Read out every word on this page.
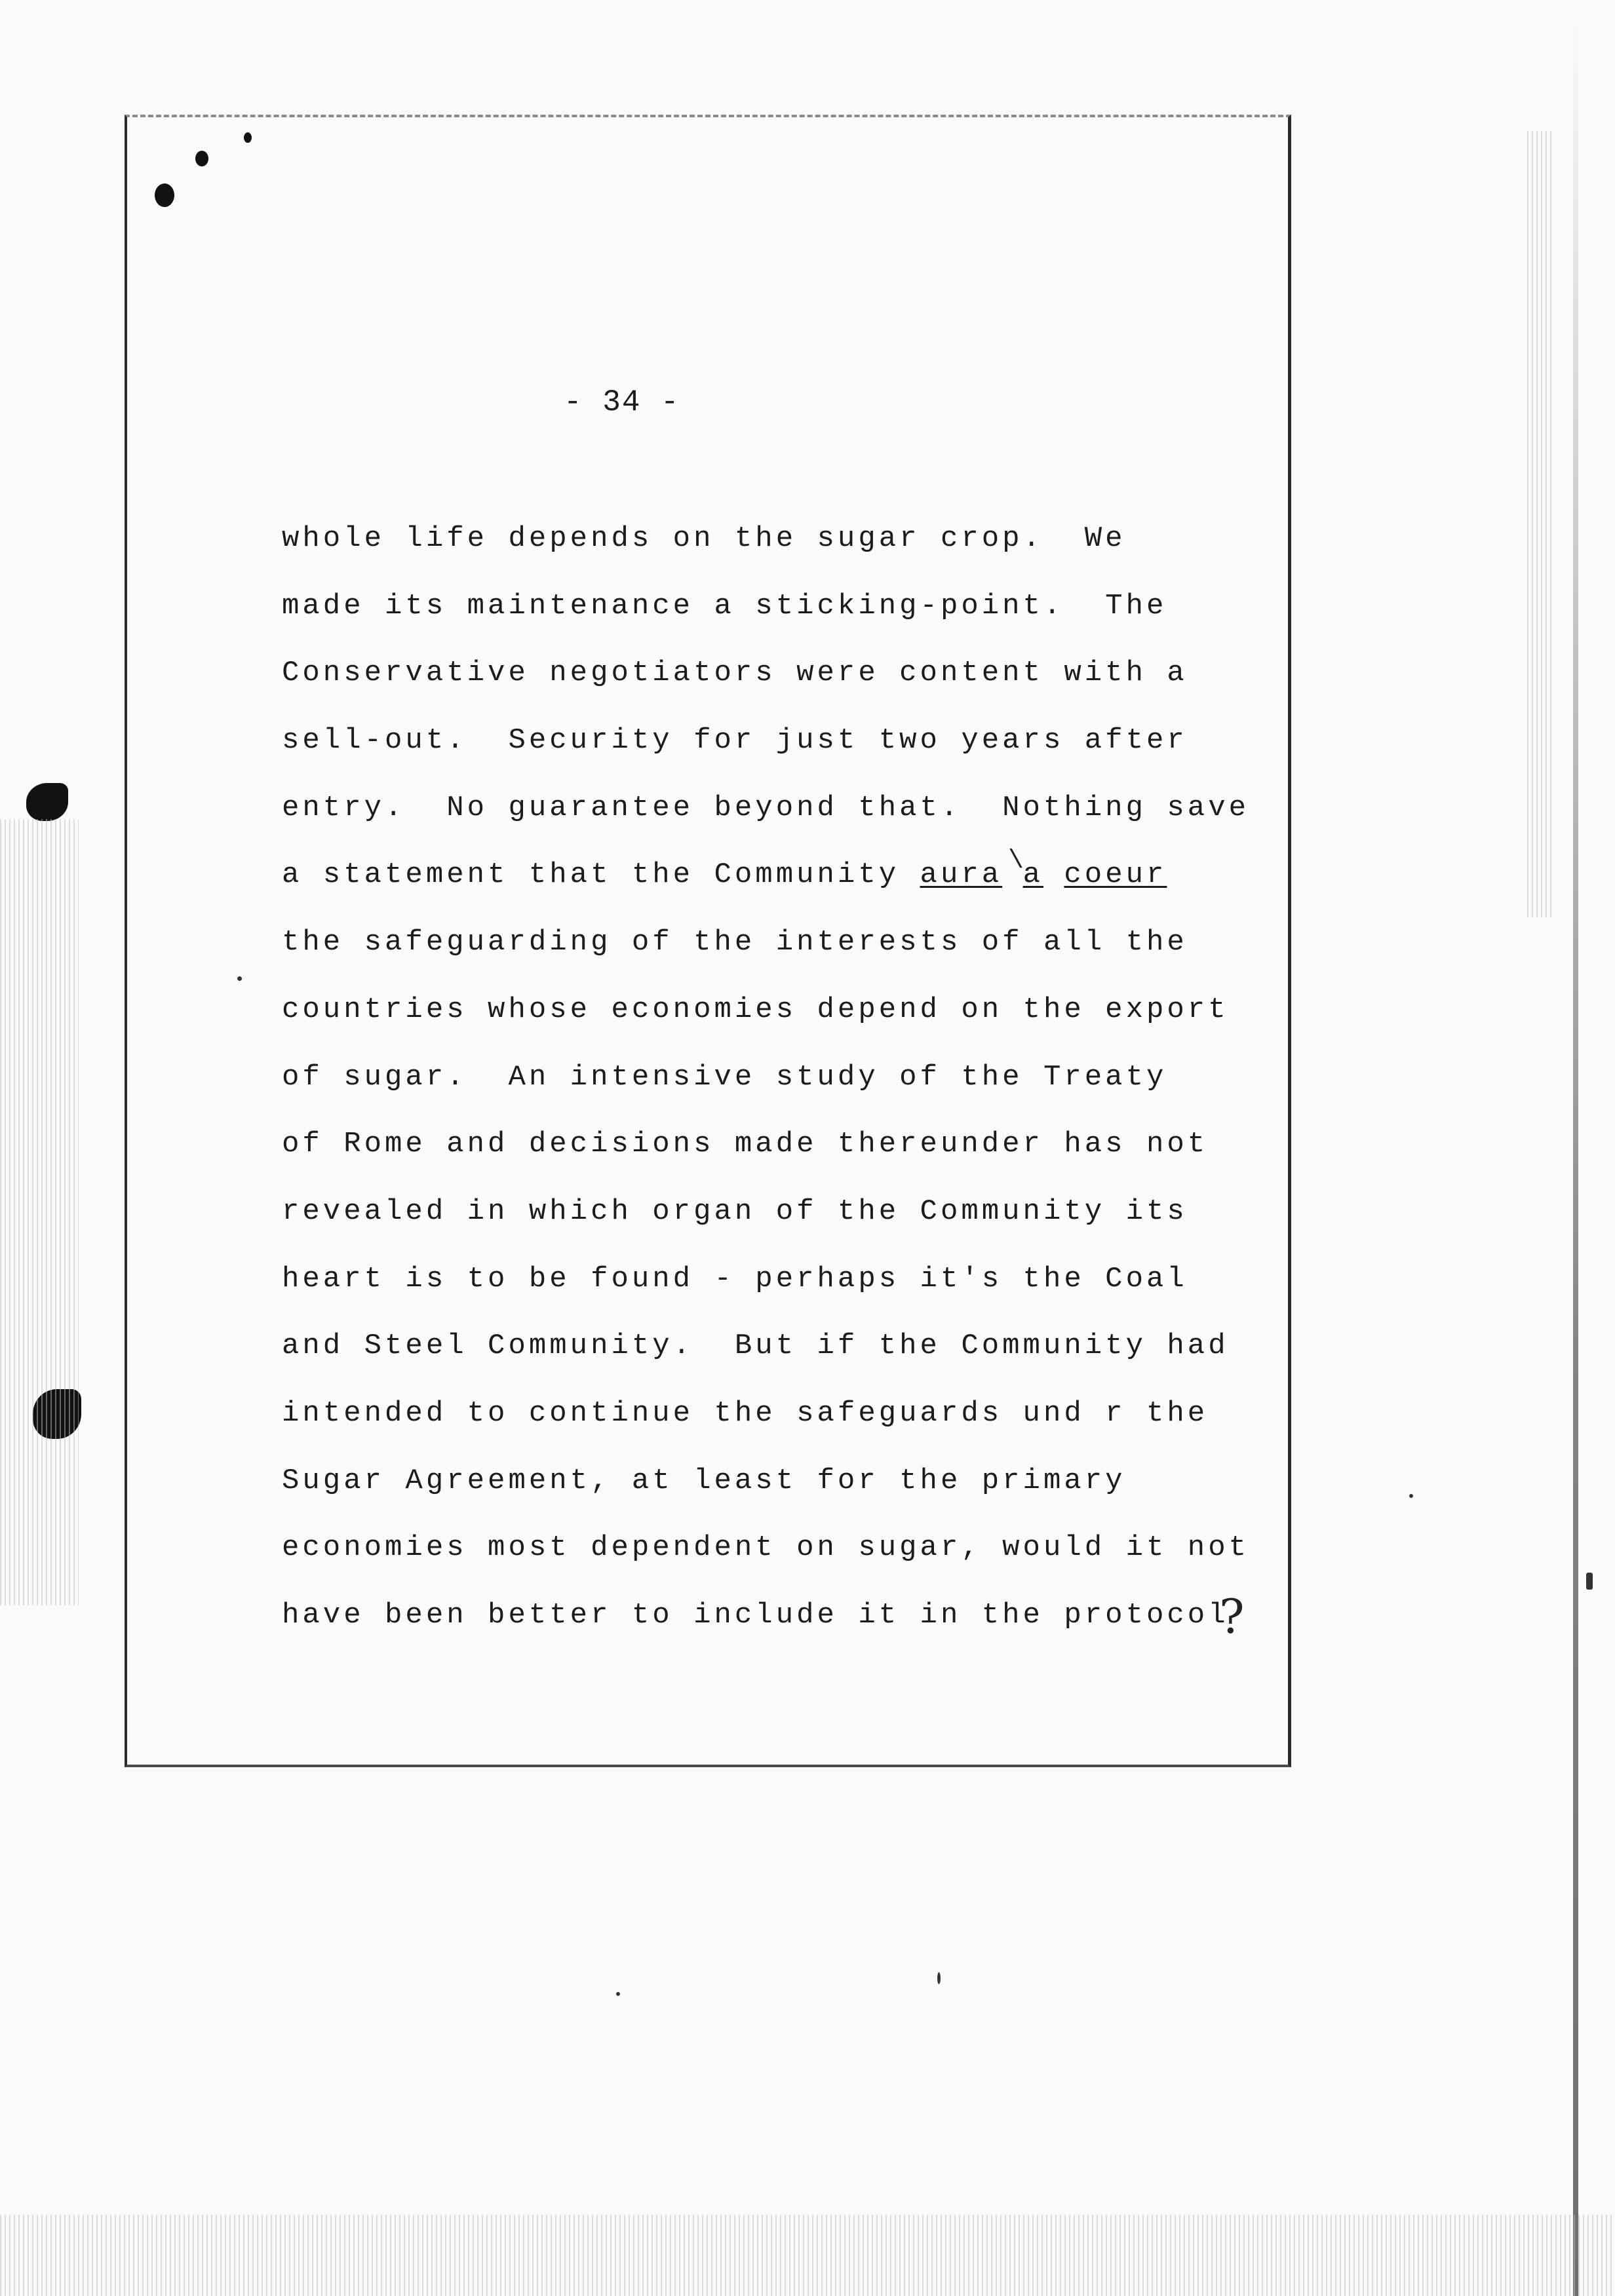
- 34 -
\
whole life depends on the sugar crop.  We
made its maintenance a sticking-point.  The
Conservative negotiators were content with a
sell-out.  Security for just two years after
entry.  No guarantee beyond that.  Nothing save
a statement that the Community aura a coeur
the safeguarding of the interests of all the
countries whose economies depend on the export
of sugar.  An intensive study of the Treaty
of Rome and decisions made thereunder has not
revealed in which organ of the Community its
heart is to be found - perhaps it's the Coal
and Steel Community.  But if the Community had
intended to continue the safeguards und r the
Sugar Agreement, at least for the primary
economies most dependent on sugar, would it not
have been better to include it in the protocol
?
